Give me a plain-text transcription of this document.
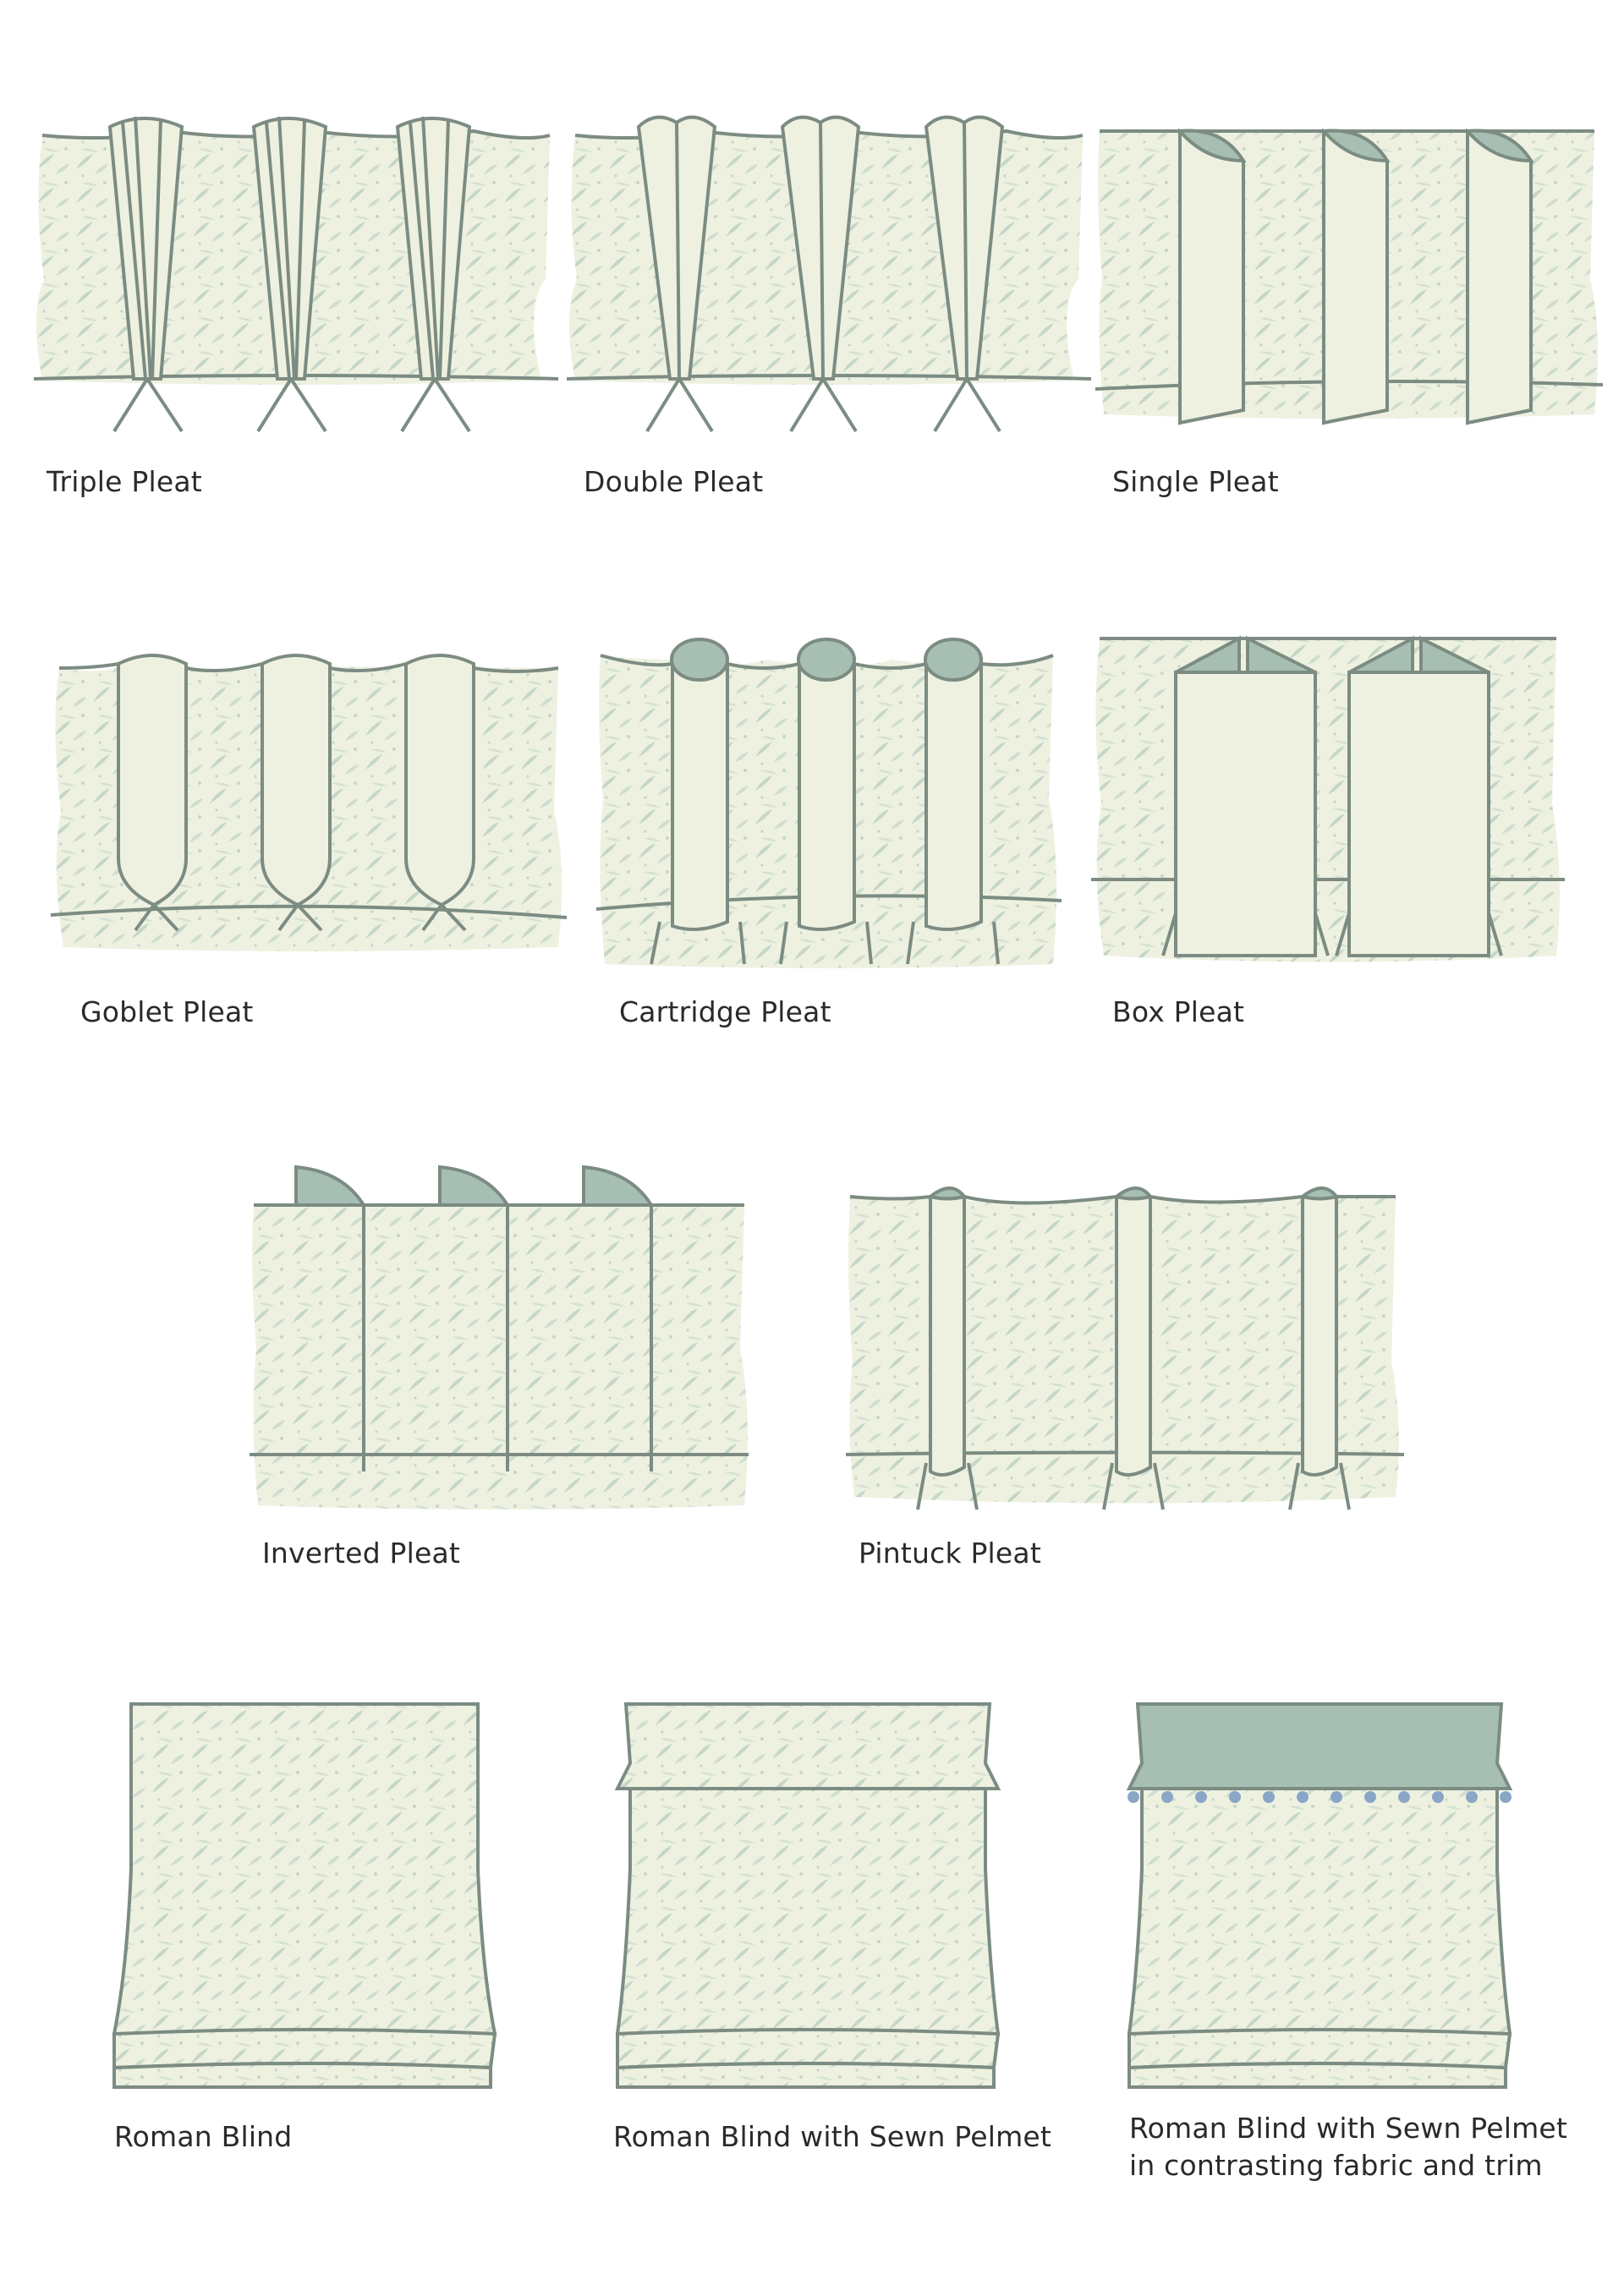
Triple Pleat	Double Pleat	Single Pleat
Goblet Pleat	Cartridge Pleat	Box Pleat
Inverted Pleat	Pintuck Pleat
Roman Blind	Roman Blind with Sewn Pelmet	Roman Blind with Sewn Pelmet
in contrasting fabric and trim
